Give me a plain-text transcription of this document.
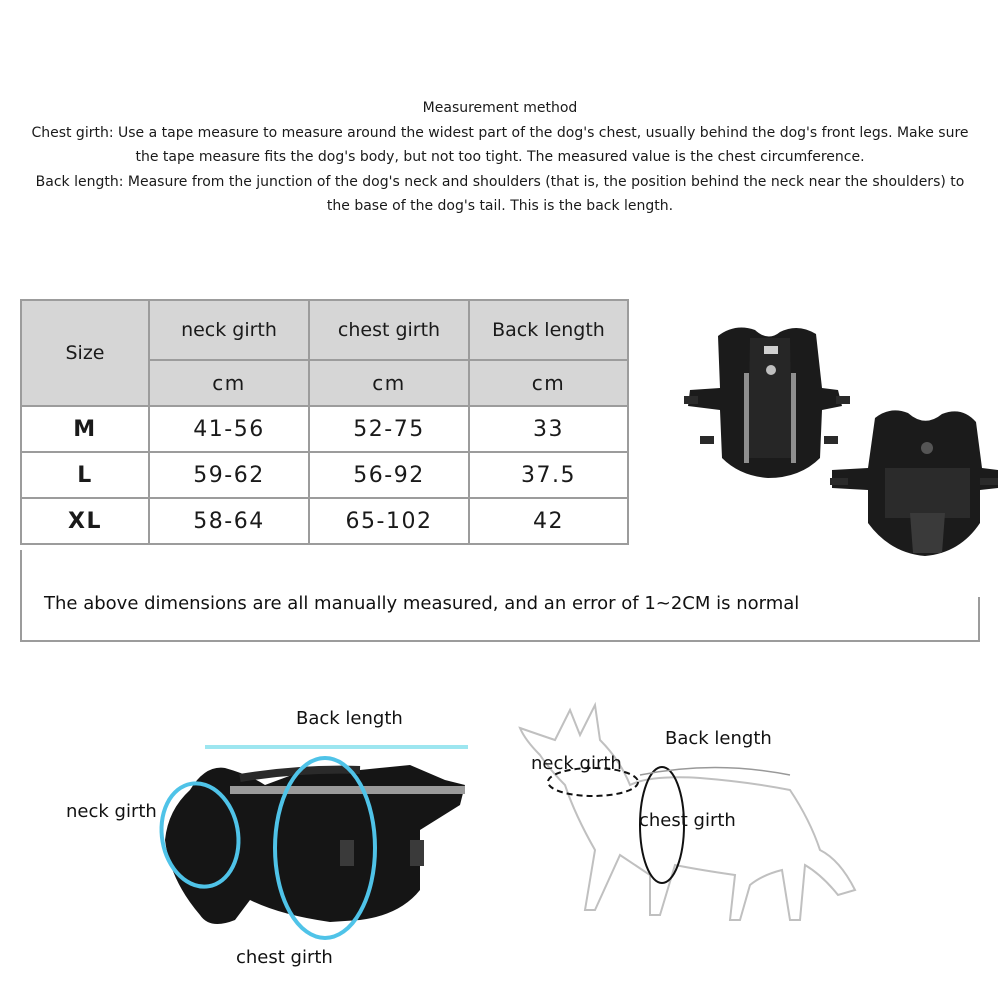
Measurement method

Chest girth: Use a tape measure to measure around the widest part of the dog's chest, usually behind the dog's front legs. Make sure

the tape measure fits the dog's body, but not too tight. The measured value is the chest circumference.

Back length: Measure from the junction of the dog's neck and shoulders (that is, the position behind the neck near the shoulders) to

the base of the dog's tail. This is the back length.

Size	neck girth	chest girth	Back length
	cm	cm	cm
M	41-56	52-75	33
L	59-62	56-92	37.5
XL	58-64	65-102	42
The above dimensions are all manually measured, and an error of 1~2CM is normal
Back length
neck girth
chest girth
Back length
neck girth
chest girth
